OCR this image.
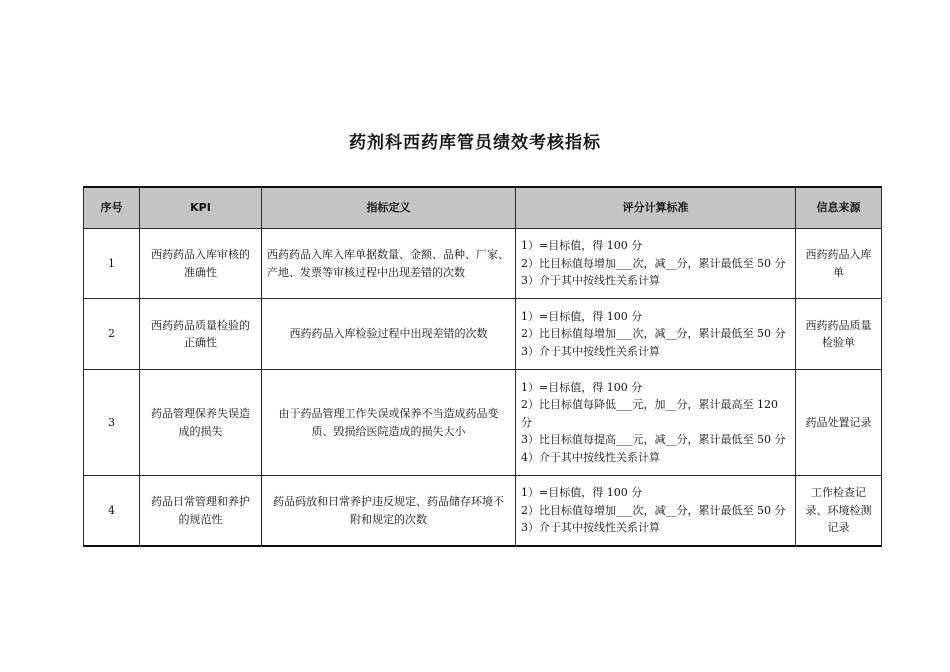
药剂科西药库管员绩效考核指标
序号	KPI	指标定义	评分计算标准	信息来源
1	西药药品入库审核的准确性	西药药品入库入库单据数量、金额、品种、厂家、产地、发票等审核过程中出现差错的次数	1）=目标值，得 100 分
2）比目标值每增加___次，减__分，累计最低至 50 分
3）介于其中按线性关系计算	西药药品入库单
2	西药药品质量检验的正确性	西药药品入库检验过程中出现差错的次数	1）=目标值，得 100 分
2）比目标值每增加___次，减__分，累计最低至 50 分
3）介于其中按线性关系计算	西药药品质量检验单
3	药品管理保养失误造成的损失	由于药品管理工作失误或保养不当造成药品变质、毁损给医院造成的损失大小	1）=目标值，得 100 分
2）比目标值每降低___元，加__分，累计最高至 120 分
3）比目标值每提高___元，减__分，累计最低至 50 分
4）介于其中按线性关系计算	药品处置记录
4	药品日常管理和养护的规范性	药品码放和日常养护违反规定、药品储存环境不附和规定的次数	1）=目标值，得 100 分
2）比目标值每增加___次，减__分，累计最低至 50 分
3）介于其中按线性关系计算	工作检查记录、环境检测记录
